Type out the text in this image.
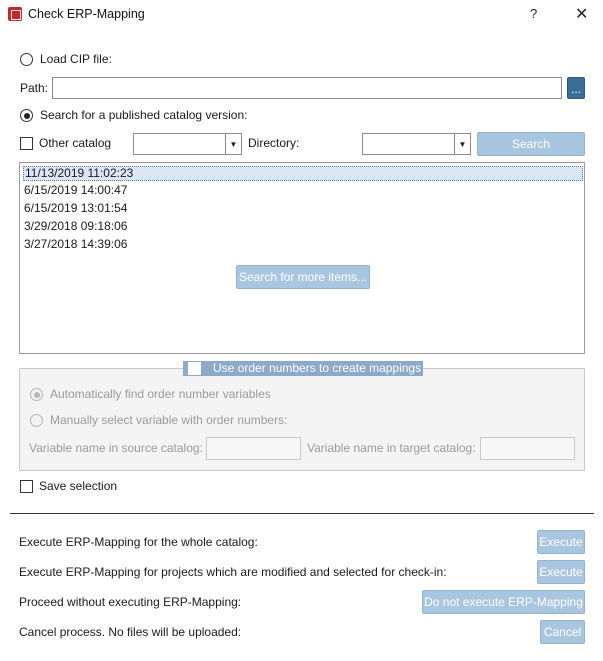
Check ERP-Mapping	? ✕
Load CIP file:
Path:	...
Search for a published catalog version:
Other catalog	▼ Directory:	▼	Search
11/13/2019 11:02:23
6/15/2019 14:00:47
6/15/2019 13:01:54
3/29/2018 09:18:06
3/27/2018 14:39:06
Search for more items...
Use order numbers to create mappings
Automatically find order number variables
Manually select variable with order numbers:
Variable name in source catalog:	Variable name in target catalog:
Save selection
Execute ERP-Mapping for the whole catalog:	Execute
Execute ERP-Mapping for projects which are modified and selected for check-in:	Execute
Proceed without executing ERP-Mapping:	Do not execute ERP-Mapping
Cancel process. No files will be uploaded:	Cancel
